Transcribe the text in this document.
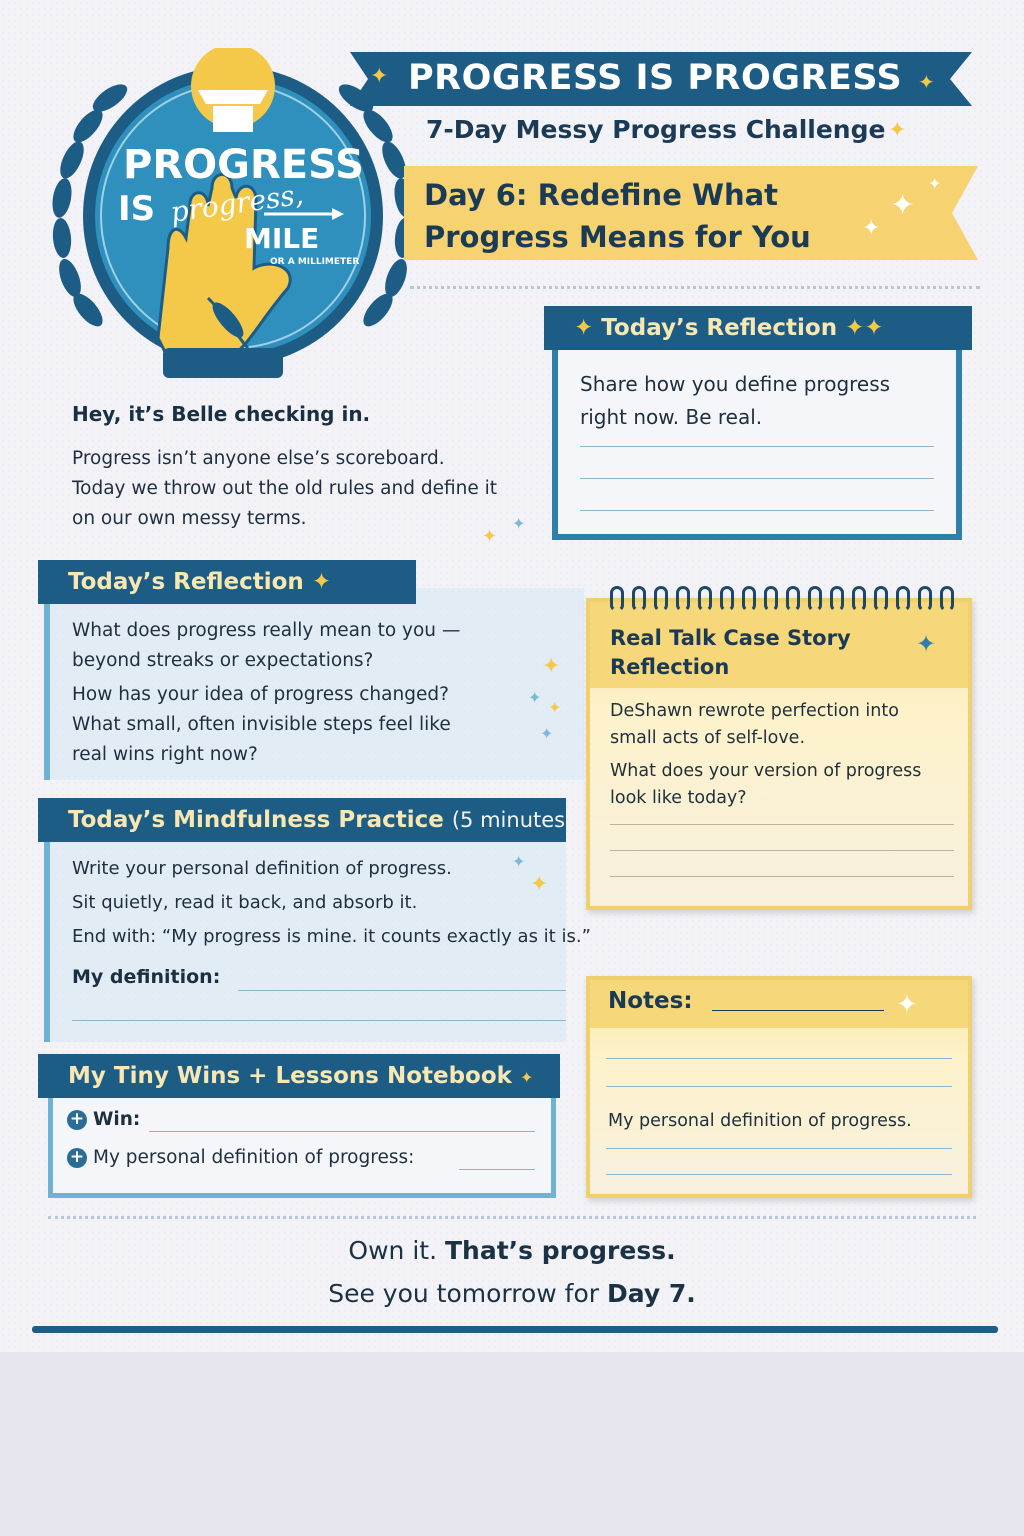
PROGRESS
IS progress,
MILE
OR A MILLIMETER
✦ PROGRESS IS PROGRESS ✦
7-Day Messy Progress Challenge ✦
Day 6: Redefine What
Progress Means for You
✦
✦
✦
Share how you define progress
right now. Be real.
✦ Today’s Reflection ✦✦
Hey, it’s Belle checking in.
Progress isn’t anyone else’s scoreboard.
Today we throw out the old rules and define it
on our own messy terms.
✦
✦
What does progress really mean to you —
beyond streaks or expectations?
How has your idea of progress changed?
What small, often invisible steps feel like
real wins right now?
Today’s Reflection ✦
✦
✦
✦
✦
Write your personal definition of progress.
Sit quietly, read it back, and absorb it.
End with: “My progress is mine. it counts exactly as it is.”
My definition:
Today’s Mindfulness Practice (5 minutes)
✦
✦
Real Talk Case Story
Reflection
✦
DeShawn rewrote perfection into
small acts of self-love.
What does your version of progress
look like today?
Notes:	✦
My personal definition of progress.
+ Win:
+ My personal definition of progress:
My Tiny Wins + Lessons Notebook ✦
Own it. That’s progress.
See you tomorrow for Day 7.
